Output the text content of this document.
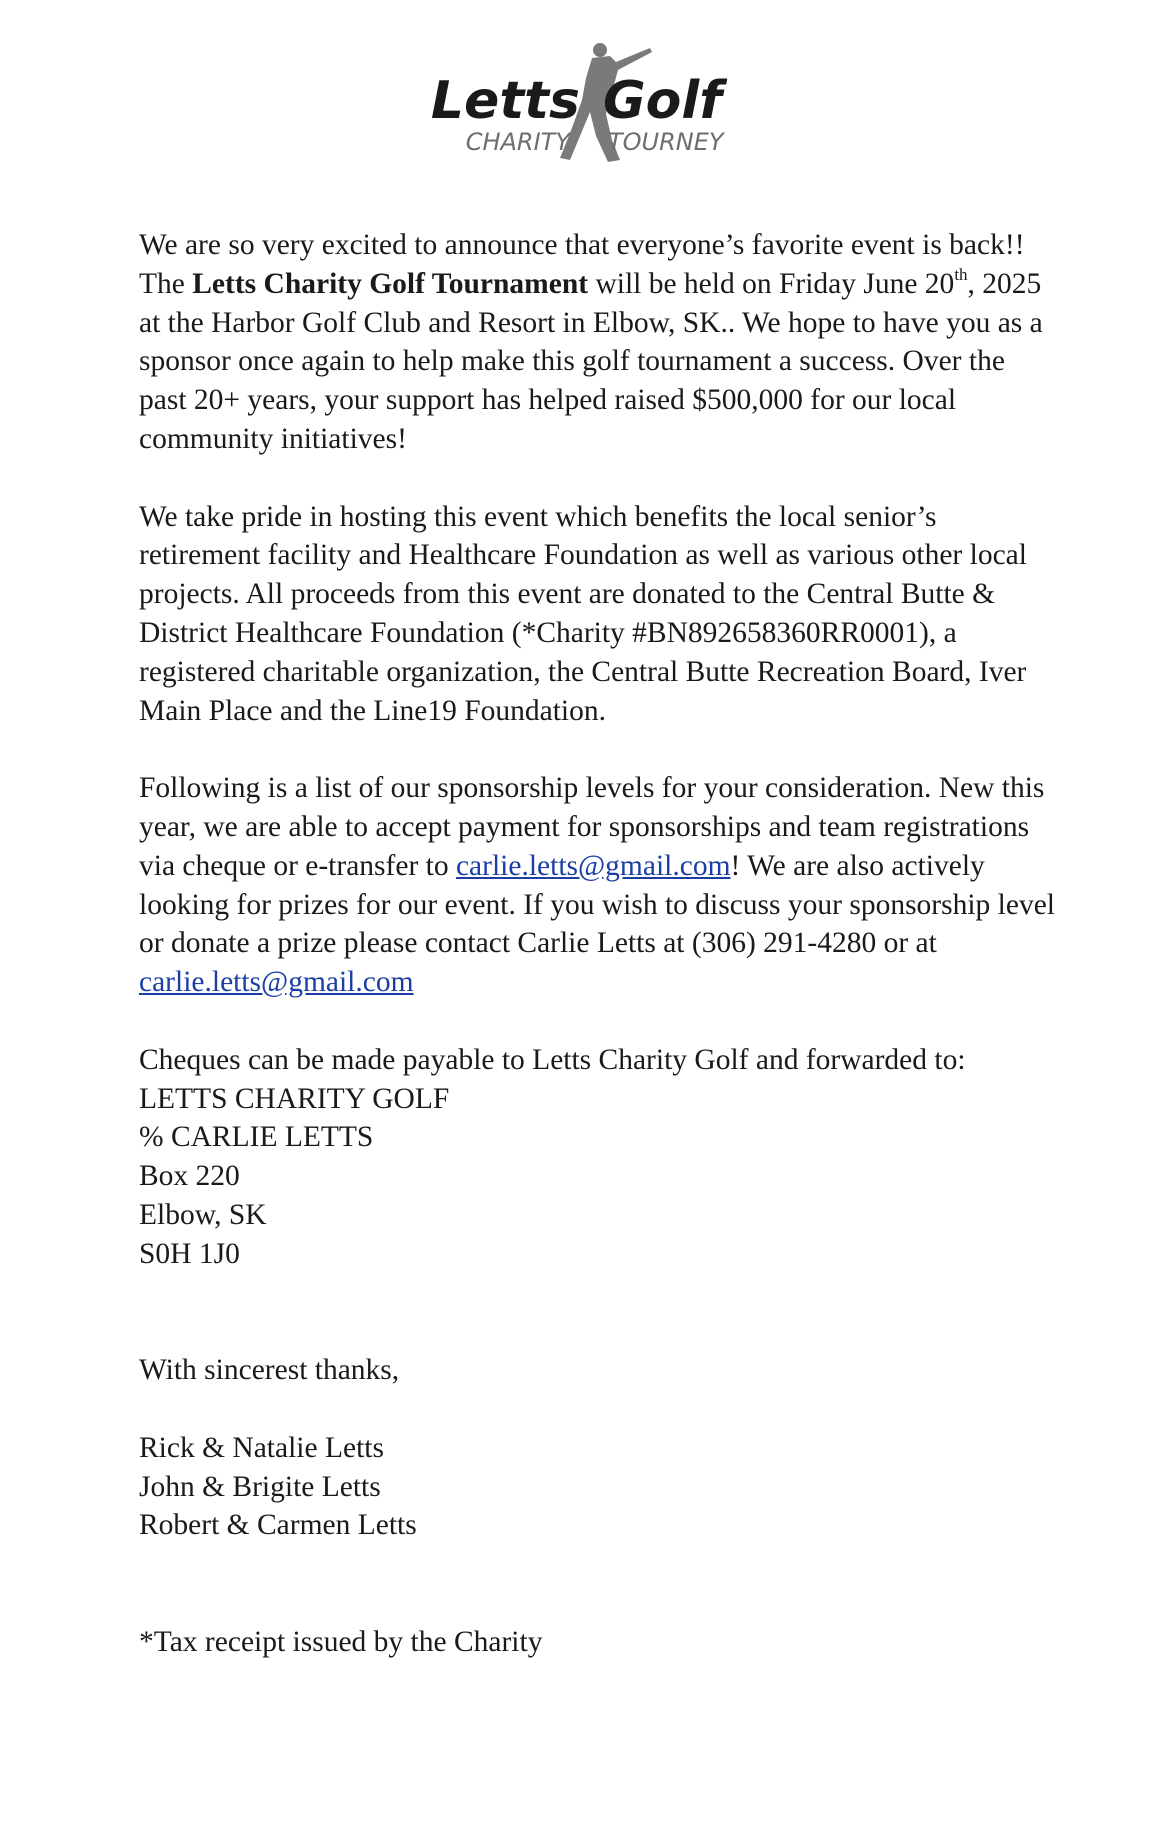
Letts Golf
CHARITY TOURNEY

We are so very excited to announce that everyone’s favorite event is back!! The Letts Charity Golf Tournament will be held on Friday June 20th, 2025 at the Harbor Golf Club and Resort in Elbow, SK.. We hope to have you as a sponsor once again to help make this golf tournament a success. Over the past 20+ years, your support has helped raised $500,000 for our local community initiatives!

We take pride in hosting this event which benefits the local senior’s retirement facility and Healthcare Foundation as well as various other local projects. All proceeds from this event are donated to the Central Butte & District Healthcare Foundation (*Charity #BN892658360RR0001), a registered charitable organization, the Central Butte Recreation Board, Iver Main Place and the Line19 Foundation.

Following is a list of our sponsorship levels for your consideration. New this year, we are able to accept payment for sponsorships and team registrations via cheque or e-transfer to carlie.letts@gmail.com! We are also actively looking for prizes for our event. If you wish to discuss your sponsorship level or donate a prize please contact Carlie Letts at (306) 291-4280 or at carlie.letts@gmail.com

Cheques can be made payable to Letts Charity Golf and forwarded to:

LETTS CHARITY GOLF

% CARLIE LETTS

Box 220

Elbow, SK

S0H 1J0

With sincerest thanks,

Rick & Natalie Letts

John & Brigite Letts

Robert & Carmen Letts

*Tax receipt issued by the Charity
